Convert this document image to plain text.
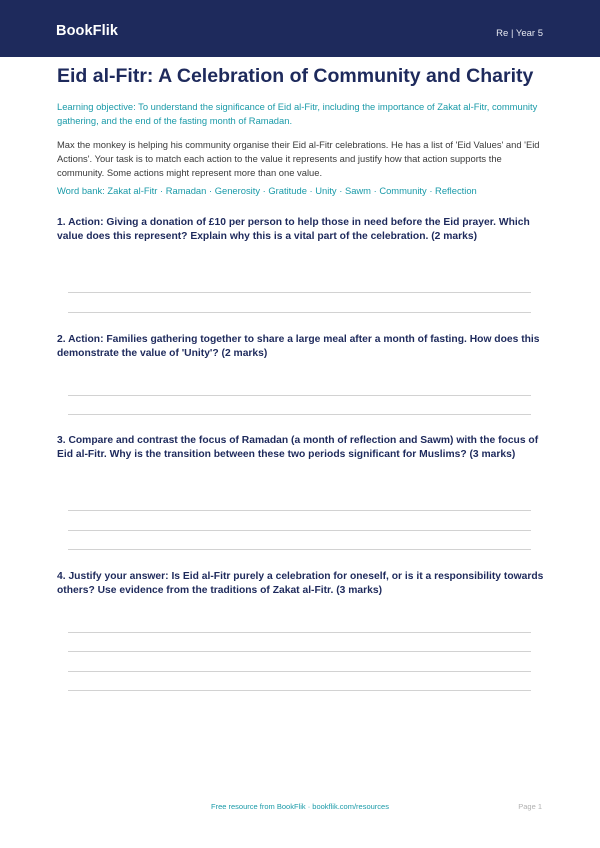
BookFlik	Re | Year 5
Eid al-Fitr: A Celebration of Community and Charity

Learning objective: To understand the significance of Eid al-Fitr, including the importance of Zakat al-Fitr, community gathering, and the end of the fasting month of Ramadan.

Max the monkey is helping his community organise their Eid al-Fitr celebrations. He has a list of 'Eid Values' and 'Eid Actions'. Your task is to match each action to the value it represents and justify how that action supports the community. Some actions might represent more than one value.

Word bank: Zakat al-Fitr · Ramadan · Generosity · Gratitude · Unity · Sawm · Community · Reflection

1. Action: Giving a donation of £10 per person to help those in need before the Eid prayer. Which value does this represent? Explain why this is a vital part of the celebration. (2 marks)

2. Action: Families gathering together to share a large meal after a month of fasting. How does this demonstrate the value of 'Unity'? (2 marks)

3. Compare and contrast the focus of Ramadan (a month of reflection and Sawm) with the focus of Eid al-Fitr. Why is the transition between these two periods significant for Muslims? (3 marks)

4. Justify your answer: Is Eid al-Fitr purely a celebration for oneself, or is it a responsibility towards others? Use evidence from the traditions of Zakat al-Fitr. (3 marks)

Free resource from BookFlik · bookflik.com/resources	Page 1
